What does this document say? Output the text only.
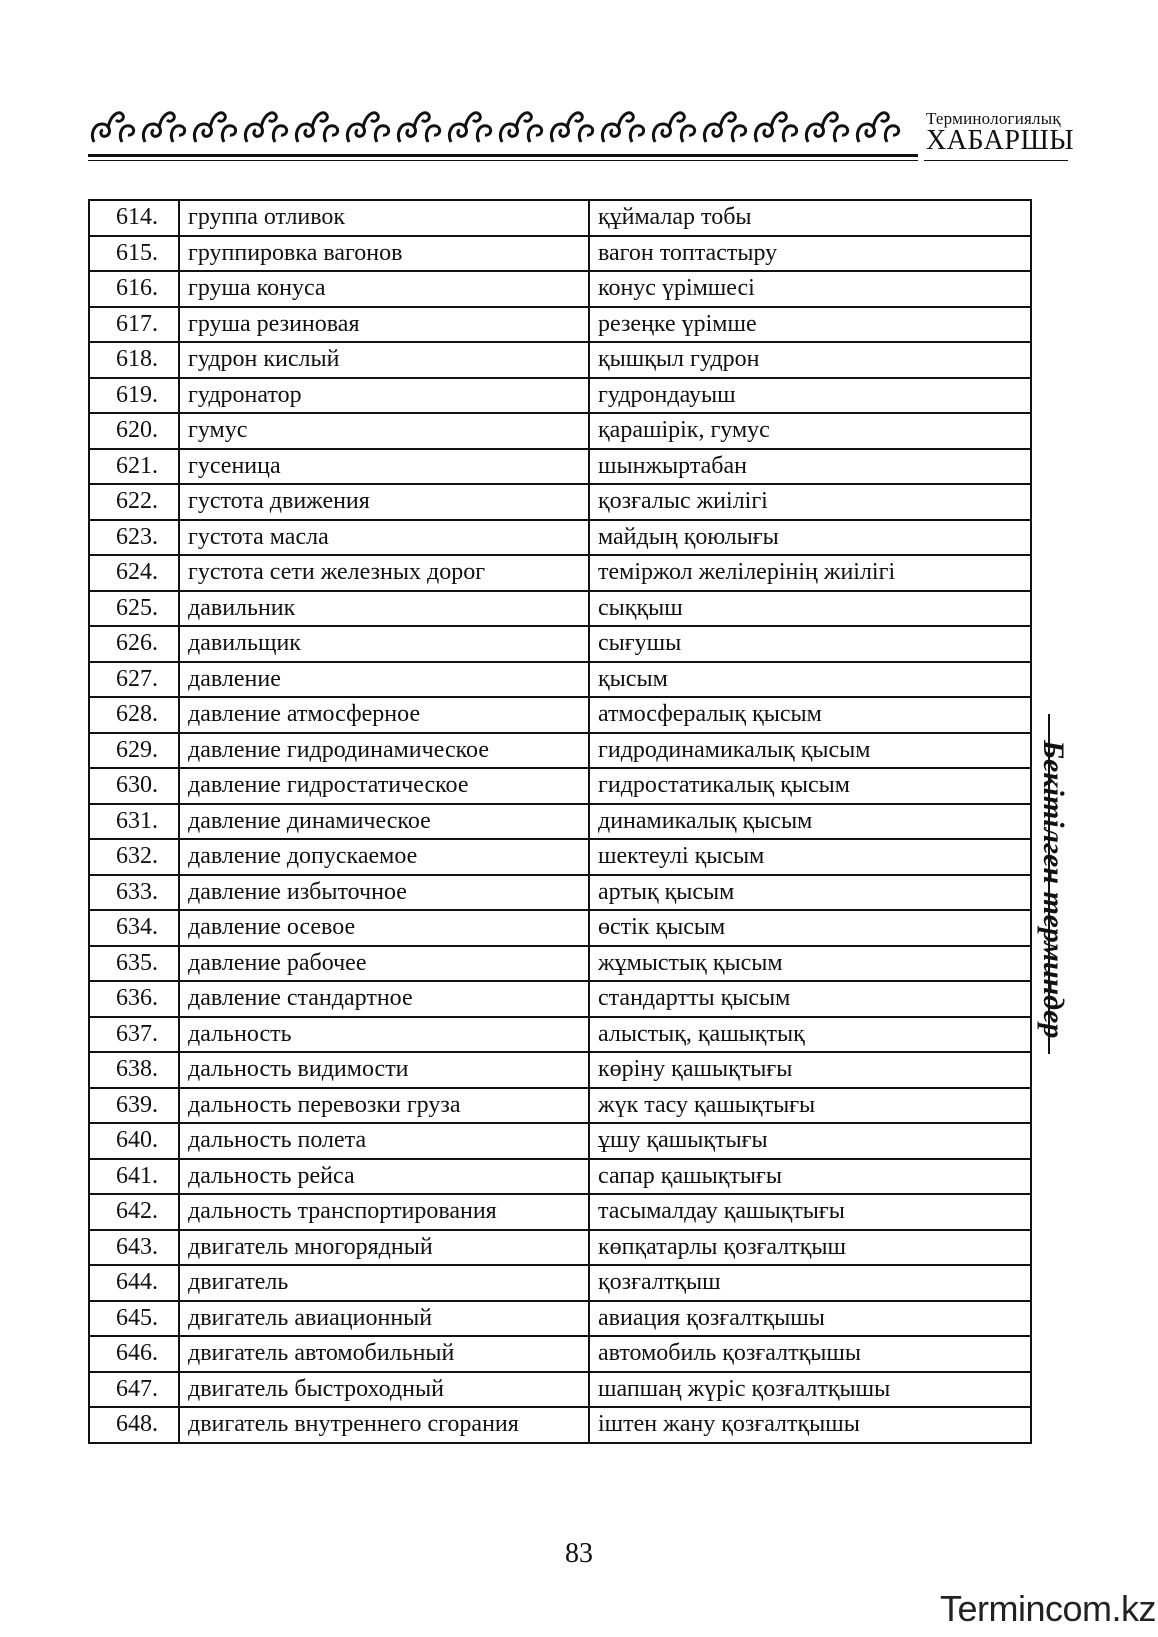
Терминологиялық
ХАБАРШЫ
614.	группа отливок	құймалар тобы
615.	группировка вагонов	вагон топтастыру
616.	груша конуса	конус үрімшесі
617.	груша резиновая	резеңке үрімше
618.	гудрон кислый	қышқыл гудрон
619.	гудронатор	гудрондауыш
620.	гумус	қарашірік, гумус
621.	гусеница	шынжыртабан
622.	густота движения	қозғалыс жиілігі
623.	густота масла	майдың қоюлығы
624.	густота сети железных дорог	теміржол желілерінің жиілігі
625.	давильник	сыққыш
626.	давильщик	сығушы
627.	давление	қысым
628.	давление атмосферное	атмосфералық қысым
629.	давление гидродинамическое	гидродинамикалық қысым
630.	давление гидростатическое	гидростатикалық қысым
631.	давление динамическое	динамикалық қысым
632.	давление допускаемое	шектеулі қысым
633.	давление избыточное	артық қысым
634.	давление осевое	өстік қысым
635.	давление рабочее	жұмыстық қысым
636.	давление стандартное	стандартты қысым
637.	дальность	алыстық, қашықтық
638.	дальность видимости	көріну қашықтығы
639.	дальность перевозки груза	жүк тасу қашықтығы
640.	дальность полета	ұшу қашықтығы
641.	дальность рейса	сапар қашықтығы
642.	дальность транспортирования	тасымалдау қашықтығы
643.	двигатель многорядный	көпқатарлы қозғалтқыш
644.	двигатель	қозғалтқыш
645.	двигатель авиационный	авиация қозғалтқышы
646.	двигатель автомобильный	автомобиль қозғалтқышы
647.	двигатель быстроходный	шапшаң жүріс қозғалтқышы
648.	двигатель внутреннего сгорания	іштен жану қозғалтқышы
Бекітілген терминдер
83
Termincom.kz
